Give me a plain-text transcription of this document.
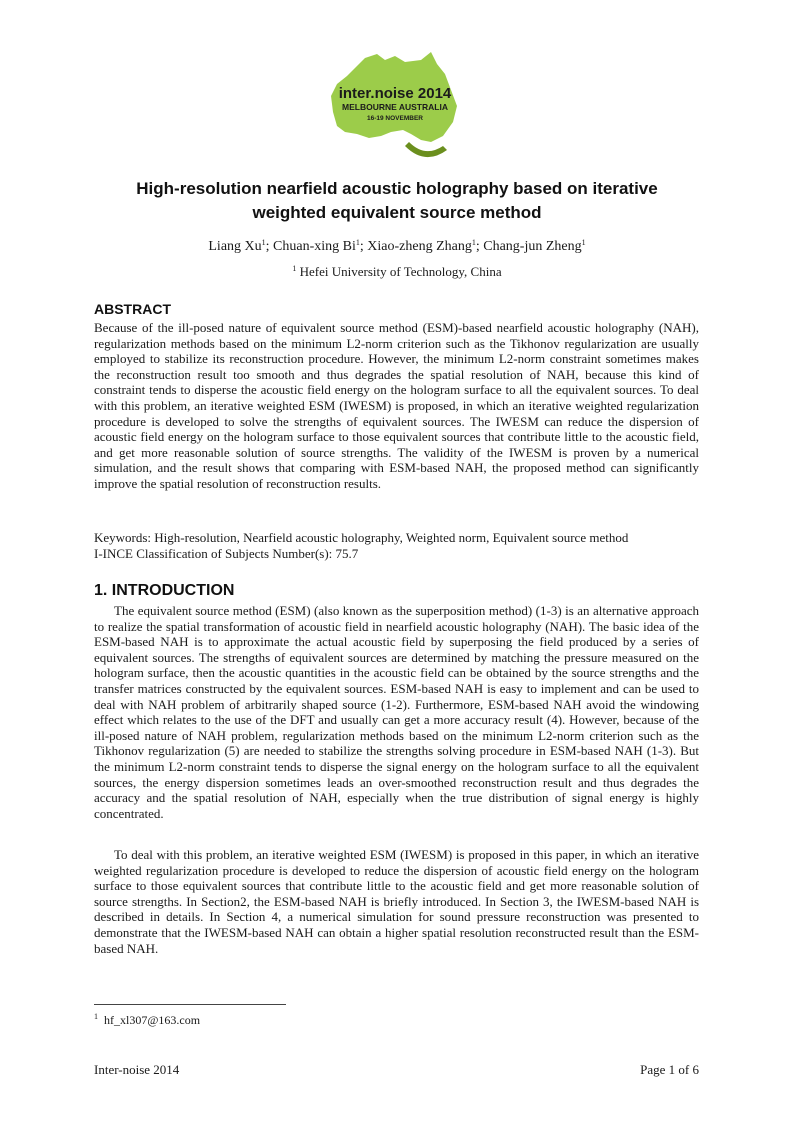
inter.noise 2014
MELBOURNE AUSTRALIA
16-19 NOVEMBER
High-resolution nearfield acoustic holography based on iterative
weighted equivalent source method
Liang Xu$^1$; Chuan-xing Bi$^1$; Xiao-zheng Zhang$^1$; Chang-jun Zheng$^1$
$^1$ Hefei University of Technology, China
ABSTRACT

Because of the ill-posed nature of equivalent source method (ESM)-based nearfield acoustic holography (NAH), regularization methods based on the minimum L2-norm criterion such as the Tikhonov regularization are usually employed to stabilize its reconstruction procedure. However, the minimum L2-norm constraint sometimes makes the reconstruction result too smooth and thus degrades the spatial resolution of NAH, because this kind of constraint tends to disperse the acoustic field energy on the hologram surface to all the equivalent sources. To deal with this problem, an iterative weighted ESM (IWESM) is proposed, in which an iterative weighted regularization procedure is developed to solve the strengths of equivalent sources. The IWESM can reduce the dispersion of acoustic field energy on the hologram surface to those equivalent sources that contribute little to the acoustic field, and get more reasonable solution of source strengths. The validity of the IWESM is proven by a numerical simulation, and the result shows that comparing with ESM-based NAH, the proposed method can significantly improve the spatial resolution of reconstruction results.

Keywords: High-resolution, Nearfield acoustic holography, Weighted norm, Equivalent source method
I-INCE Classification of Subjects Number(s): 75.7

1. INTRODUCTION

The equivalent source method (ESM) (also known as the superposition method) (1-3) is an alternative approach to realize the spatial transformation of acoustic field in nearfield acoustic holography (NAH). The basic idea of the ESM-based NAH is to approximate the actual acoustic field by superposing the field produced by a series of equivalent sources. The strengths of equivalent sources are determined by matching the pressure measured on the hologram surface, then the acoustic quantities in the acoustic field can be obtained by the source strengths and the transfer matrices constructed by the equivalent sources. ESM-based NAH is easy to implement and can be used to deal with NAH problem of arbitrarily shaped source (1-2). Furthermore, ESM-based NAH avoid the windowing effect which relates to the use of the DFT and usually can get a more accuracy result (4). However, because of the ill-posed nature of NAH problem, regularization methods based on the minimum L2-norm criterion such as the Tikhonov regularization (5) are needed to stabilize the strengths solving procedure in ESM-based NAH (1-3). But the minimum L2-norm constraint tends to disperse the signal energy on the hologram surface to all the equivalent sources, the energy dispersion sometimes leads an over-smoothed reconstruction result and thus degrades the accuracy and the spatial resolution of NAH, especially when the true distribution of signal energy is highly concentrated.

To deal with this problem, an iterative weighted ESM (IWESM) is proposed in this paper, in which an iterative weighted regularization procedure is developed to reduce the dispersion of acoustic field energy on the hologram surface to those equivalent sources that contribute little to the acoustic field and get more reasonable solution of source strengths. In Section2, the ESM-based NAH is briefly introduced. In Section 3, the IWESM-based NAH is described in details. In Section 4, a numerical simulation for sound pressure reconstruction was presented to demonstrate that the IWESM-based NAH can obtain a higher spatial resolution reconstructed result than the ESM-based NAH.

$^1$ hf_xl307@163.com
Inter-noise 2014	Page 1 of 6
